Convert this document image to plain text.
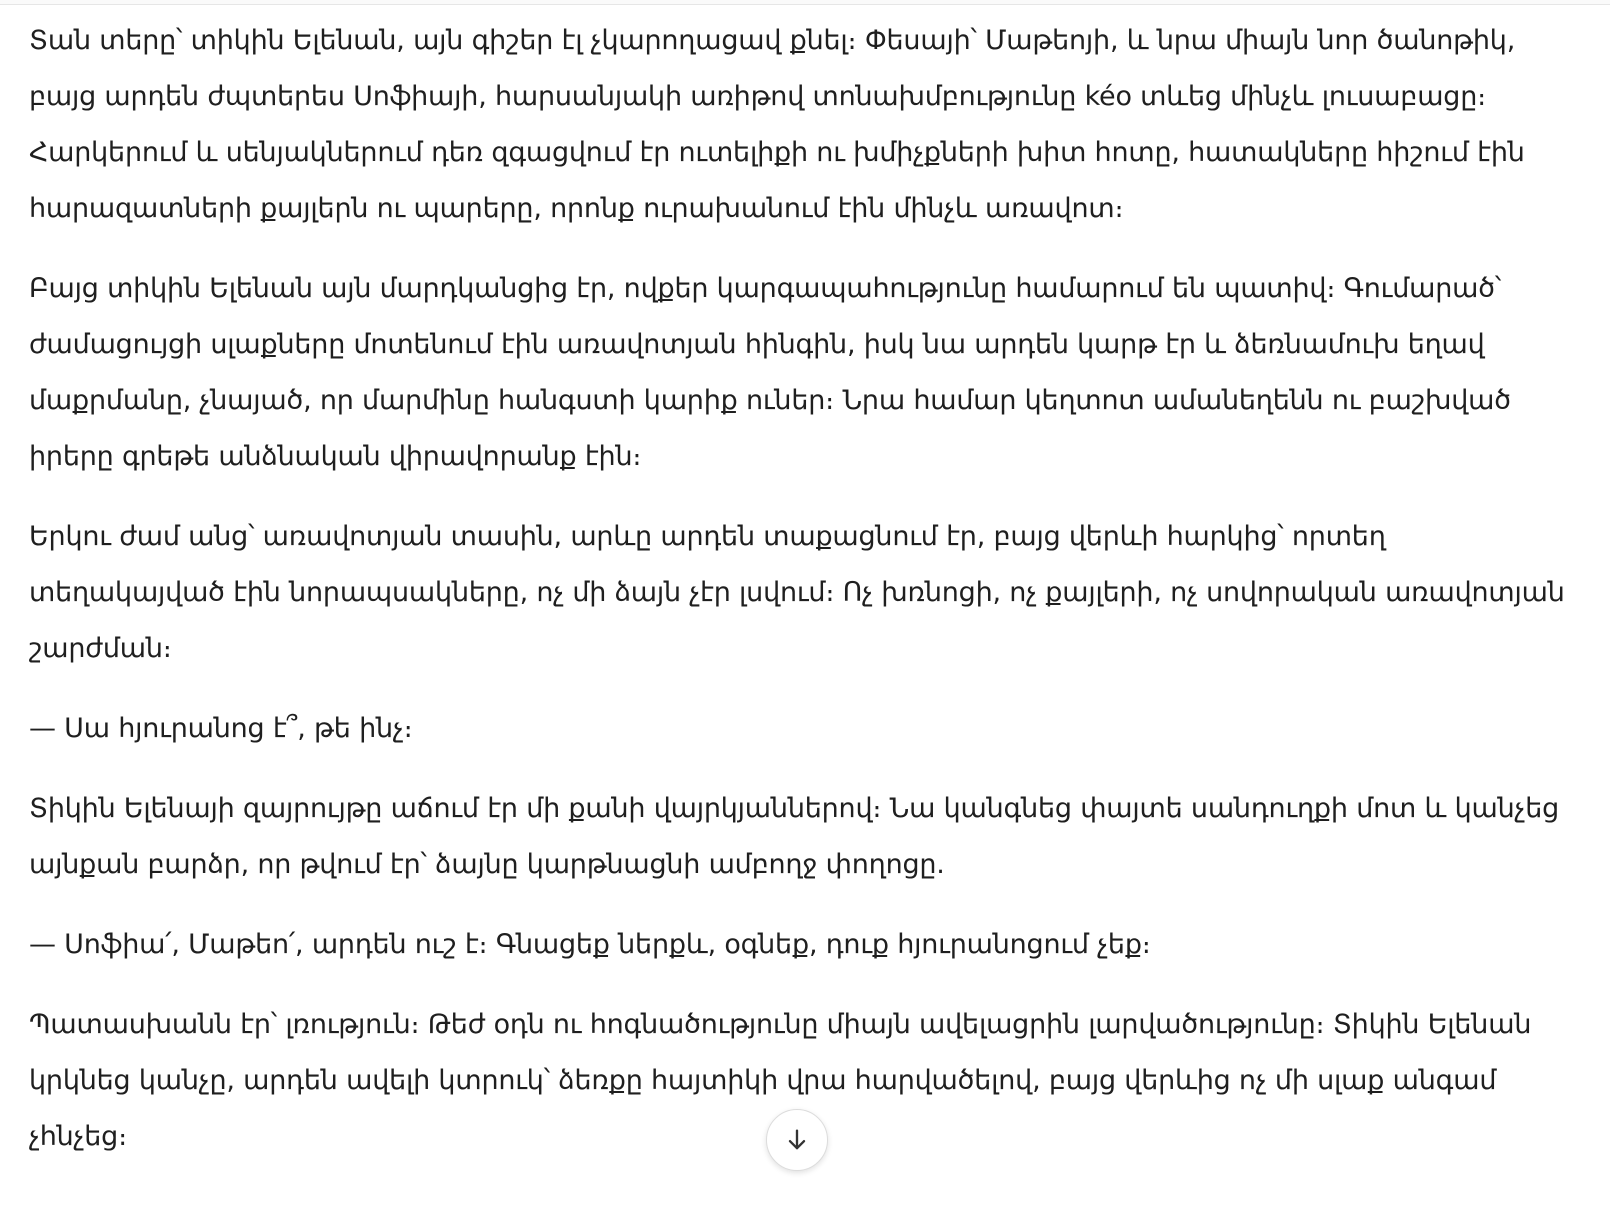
Տան տերը՝ տիկին Ելենան, այն գիշեր էլ չկարողացավ քնել։ Փեսայի՝ Մաթեոյի, և նրա միայն նոր ծանոթիկ, բայց արդեն ժպտերես Սոֆիայի, հարսանյակի առիթով տոնախմբությունը kéo տևեց մինչև լուսաբացը։ Հարկերում և սենյակներում դեռ զգացվում էր ուտելիքի ու խմիչքների խիտ հոտը, հատակները հիշում էին հարազատների քայլերն ու պարերը, որոնք ուրախանում էին մինչև առավոտ։

Բայց տիկին Ելենան այն մարդկանցից էր, ովքեր կարգապահությունը համարում են պատիվ։ Գումարած՝ ժամացույցի սլաքները մոտենում էին առավոտյան հինգին, իսկ նա արդեն կարթ էր և ձեռնամուխ եղավ մաքրմանը, չնայած, որ մարմինը հանգստի կարիք ուներ։ Նրա համար կեղտոտ ամանեղենն ու բաշխված իրերը գրեթե անձնական վիրավորանք էին։

Երկու ժամ անց՝ առավոտյան տասին, արևը արդեն տաքացնում էր, բայց վերևի հարկից՝ որտեղ տեղակայված էին նորապսակները, ոչ մի ձայն չէր լսվում։ Ոչ խռնոցի, ոչ քայլերի, ոչ սովորական առավոտյան շարժման։

— Սա հյուրանոց է՞, թե ինչ։

Տիկին Ելենայի զայրույթը աճում էր մի քանի վայրկյաններով։ Նա կանգնեց փայտե սանդուղքի մոտ և կանչեց այնքան բարձր, որ թվում էր՝ ձայնը կարթնացնի ամբողջ փողոցը.

— Սոֆիա՛, Մաթեո՛, արդեն ուշ է։ Գնացեք ներքև, օգնեք, դուք հյուրանոցում չեք։

Պատասխանն էր՝ լռություն։ Թեժ օդն ու հոգնածությունը միայն ավելացրին լարվածությունը։ Տիկին Ելենան կրկնեց կանչը, արդեն ավելի կտրուկ՝ ձեռքը հայտիկի վրա հարվածելով, բայց վերևից ոչ մի սլաք անգամ չհնչեց։
